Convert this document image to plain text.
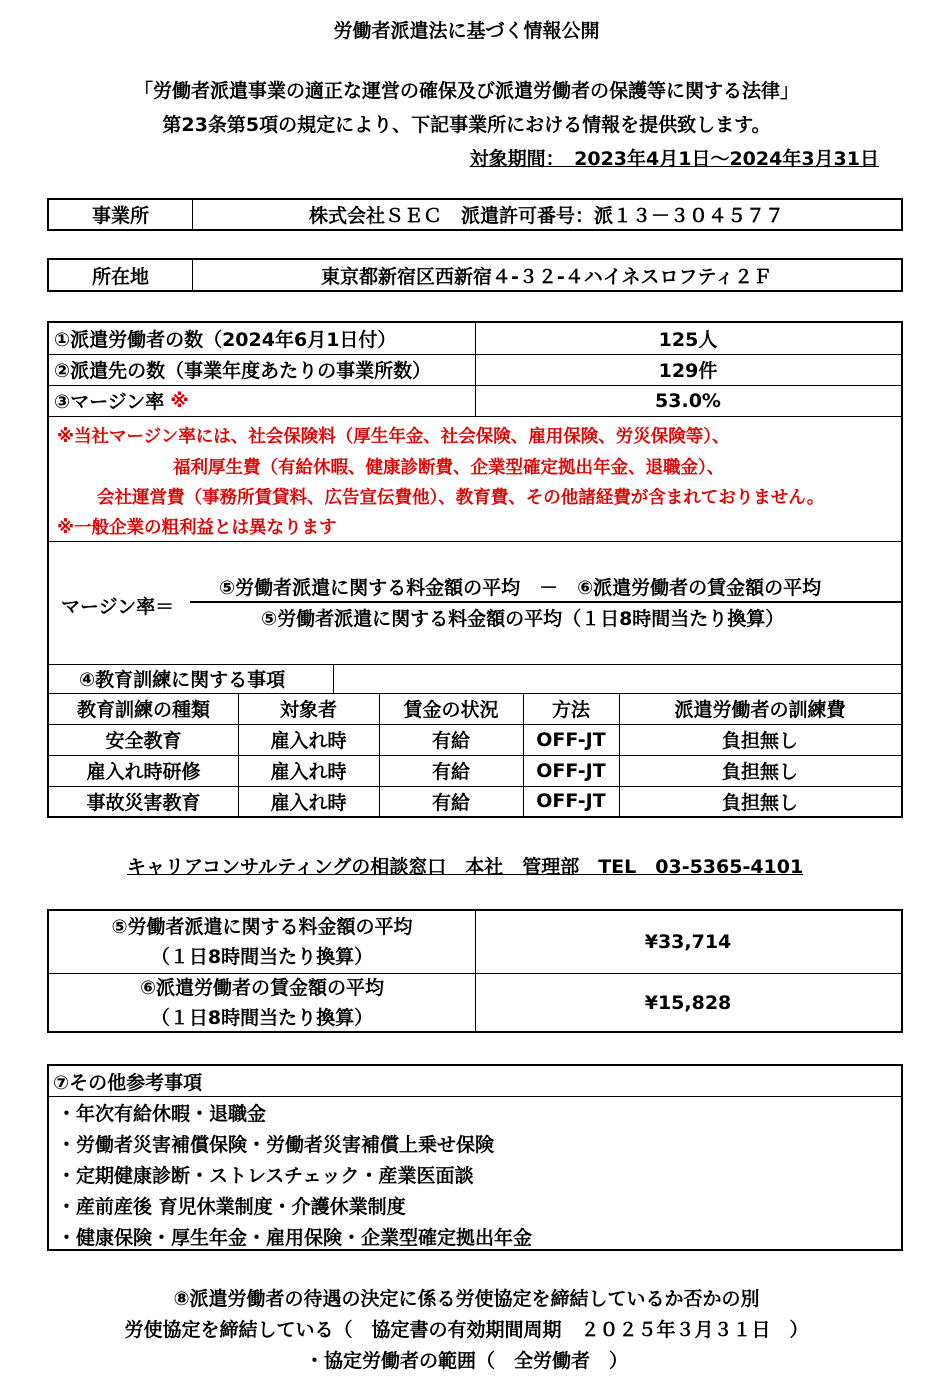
労働者派遣法に基づく情報公開
「労働者派遣事業の適正な運営の確保及び派遣労働者の保護等に関する法律」
第23条第5項の規定により、下記事業所における情報を提供致します。
対象期間：　2023年4月1日～2024年3月31日
事業所	株式会社ＳＥＣ　派遣許可番号：派１３－３０４５７７
所在地	東京都新宿区西新宿４-３２-４ハイネスロフティ２Ｆ
①派遣労働者の数（2024年6月1日付）	125人
②派遣先の数（事業年度あたりの事業所数）	129件
③マージン率 ※	53.0%
※当社マージン率には、社会保険料（厚生年金、社会保険、雇用保険、労災保険等）、
福利厚生費（有給休暇、健康診断費、企業型確定拠出年金、退職金）、
会社運営費（事務所賃貸料、広告宣伝費他）、教育費、その他諸経費が含まれておりません。
※一般企業の粗利益とは異なります
マージン率＝
⑤労働者派遣に関する料金額の平均　－　⑥派遣労働者の賃金額の平均
⑤労働者派遣に関する料金額の平均（１日8時間当たり換算）
④教育訓練に関する事項
教育訓練の種類	対象者	賃金の状況	方法	派遣労働者の訓練費
安全教育	雇入れ時	有給	OFF-JT	負担無し
雇入れ時研修	雇入れ時	有給	OFF-JT	負担無し
事故災害教育	雇入れ時	有給	OFF-JT	負担無し
キャリアコンサルティングの相談窓口　本社　管理部　TEL　03-5365-4101
⑤労働者派遣に関する料金額の平均
（１日8時間当たり換算）
¥33,714
⑥派遣労働者の賃金額の平均
（１日8時間当たり換算）
¥15,828
⑦その他参考事項
・年次有給休暇・退職金
・労働者災害補償保険・労働者災害補償上乗せ保険
・定期健康診断・ストレスチェック・産業医面談
・産前産後 育児休業制度・介護休業制度
・健康保険・厚生年金・雇用保険・企業型確定拠出年金
⑧派遣労働者の待遇の決定に係る労使協定を締結しているか否かの別
労使協定を締結している（　協定書の有効期間周期　２０２５年３月３１日　）
・協定労働者の範囲（　全労働者　）
